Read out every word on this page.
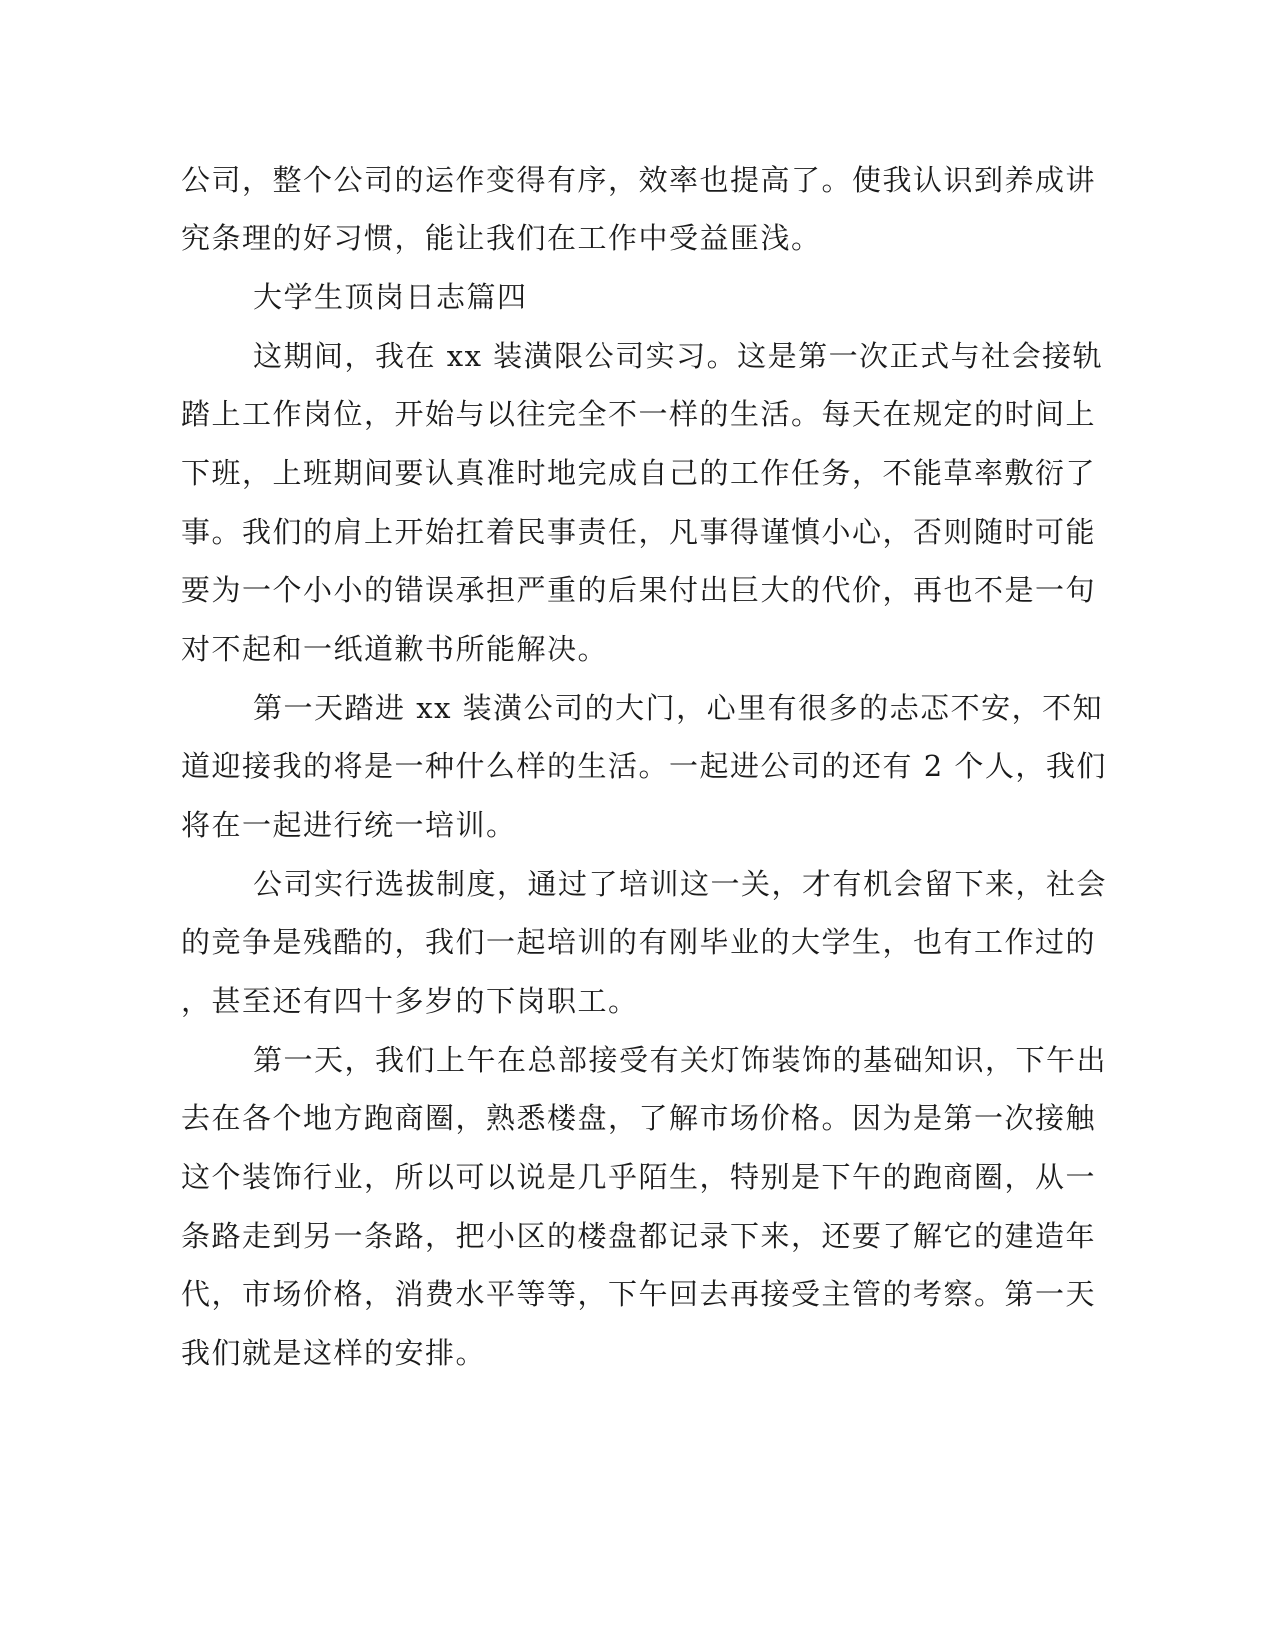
公司，整个公司的运作变得有序，效率也提高了。使我认识到养成讲
究条理的好习惯，能让我们在工作中受益匪浅。
大学生顶岗日志篇四
这期间，我在 xx 装潢限公司实习。这是第一次正式与社会接轨
踏上工作岗位，开始与以往完全不一样的生活。每天在规定的时间上
下班，上班期间要认真准时地完成自己的工作任务，不能草率敷衍了
事。我们的肩上开始扛着民事责任，凡事得谨慎小心，否则随时可能
要为一个小小的错误承担严重的后果付出巨大的代价，再也不是一句
对不起和一纸道歉书所能解决。
第一天踏进 xx 装潢公司的大门，心里有很多的忐忑不安，不知
道迎接我的将是一种什么样的生活。一起进公司的还有 2 个人，我们
将在一起进行统一培训。
公司实行选拔制度，通过了培训这一关，才有机会留下来，社会
的竞争是残酷的，我们一起培训的有刚毕业的大学生，也有工作过的
，甚至还有四十多岁的下岗职工。
第一天，我们上午在总部接受有关灯饰装饰的基础知识，下午出
去在各个地方跑商圈，熟悉楼盘，了解市场价格。因为是第一次接触
这个装饰行业，所以可以说是几乎陌生，特别是下午的跑商圈，从一
条路走到另一条路，把小区的楼盘都记录下来，还要了解它的建造年
代，市场价格，消费水平等等，下午回去再接受主管的考察。第一天
我们就是这样的安排。
